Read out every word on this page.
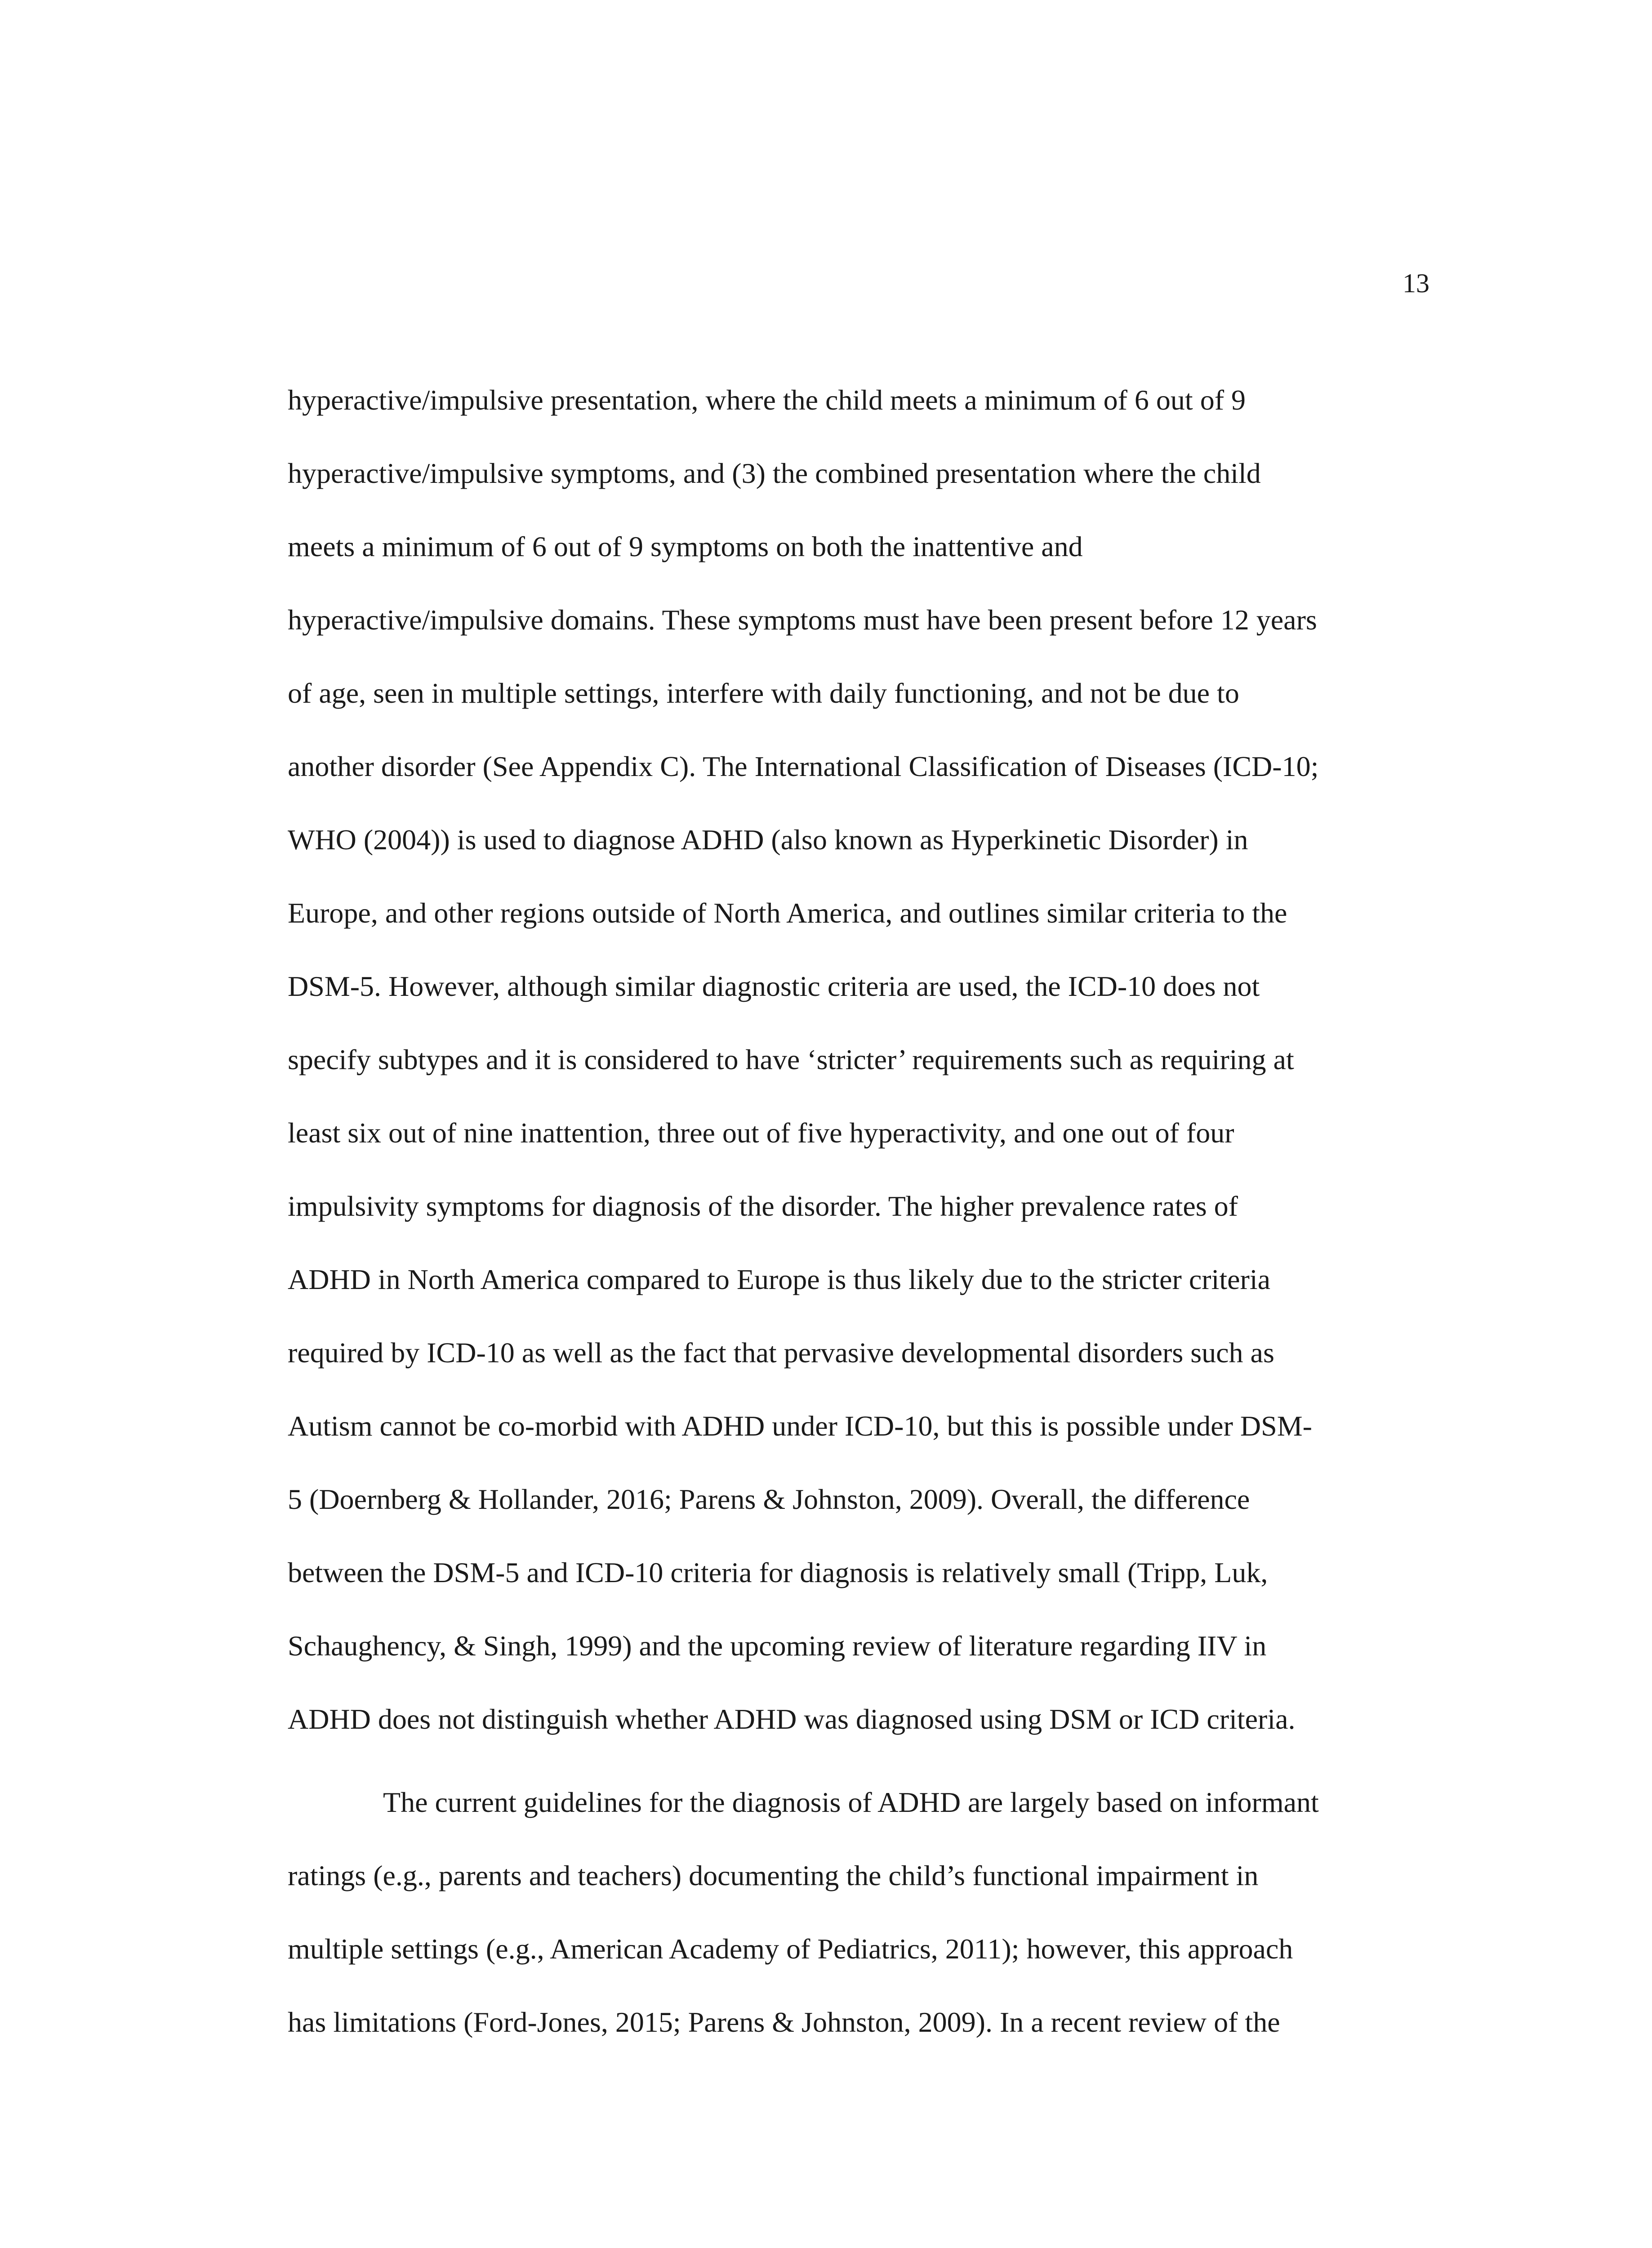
13
hyperactive/impulsive presentation, where the child meets a minimum of 6 out of 9
hyperactive/impulsive symptoms, and (3) the combined presentation where the child
meets a minimum of 6 out of 9 symptoms on both the inattentive and
hyperactive/impulsive domains. These symptoms must have been present before 12 years
of age, seen in multiple settings, interfere with daily functioning, and not be due to
another disorder (See Appendix C). The International Classification of Diseases (ICD-10;
WHO (2004)) is used to diagnose ADHD (also known as Hyperkinetic Disorder) in
Europe, and other regions outside of North America, and outlines similar criteria to the
DSM-5. However, although similar diagnostic criteria are used, the ICD-10 does not
specify subtypes and it is considered to have ‘stricter’ requirements such as requiring at
least six out of nine inattention, three out of five hyperactivity, and one out of four
impulsivity symptoms for diagnosis of the disorder. The higher prevalence rates of
ADHD in North America compared to Europe is thus likely due to the stricter criteria
required by ICD-10 as well as the fact that pervasive developmental disorders such as
Autism cannot be co-morbid with ADHD under ICD-10, but this is possible under DSM-
5 (Doernberg & Hollander, 2016; Parens & Johnston, 2009). Overall, the difference
between the DSM-5 and ICD-10 criteria for diagnosis is relatively small (Tripp, Luk,
Schaughency, & Singh, 1999) and the upcoming review of literature regarding IIV in
ADHD does not distinguish whether ADHD was diagnosed using DSM or ICD criteria.
The current guidelines for the diagnosis of ADHD are largely based on informant
ratings (e.g., parents and teachers) documenting the child’s functional impairment in
multiple settings (e.g., American Academy of Pediatrics, 2011); however, this approach
has limitations (Ford-Jones, 2015; Parens & Johnston, 2009). In a recent review of the
